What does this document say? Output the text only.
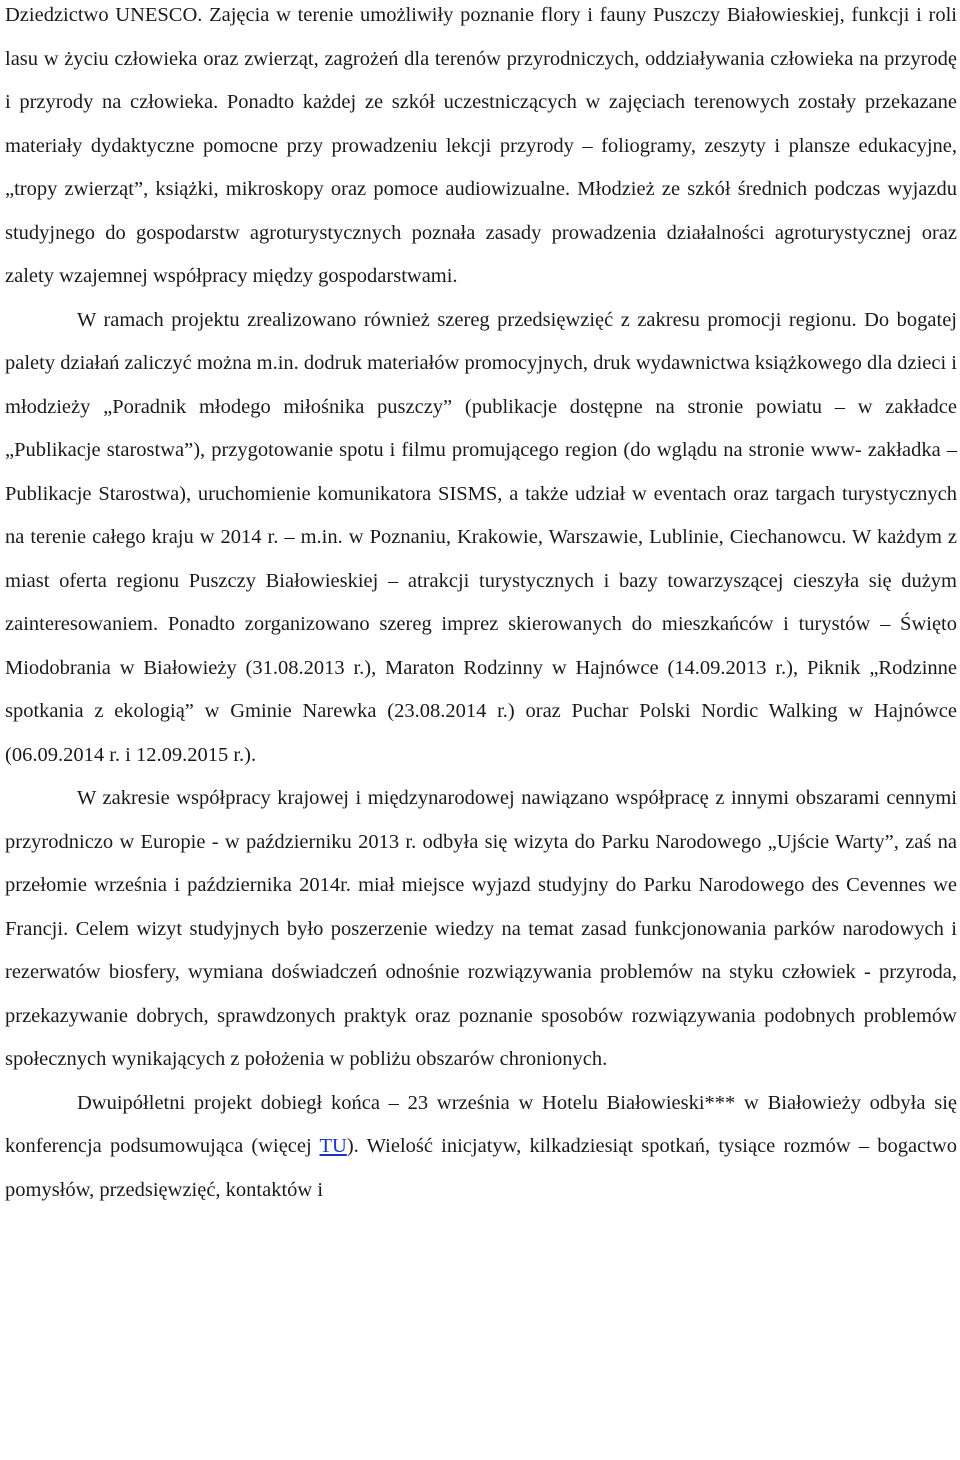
Dziedzictwo UNESCO. Zajęcia w terenie umożliwiły poznanie flory i fauny Puszczy Białowieskiej, funkcji i roli lasu w życiu człowieka oraz zwierząt, zagrożeń dla terenów przyrodniczych, oddziaływania człowieka na przyrodę i przyrody na człowieka. Ponadto każdej ze szkół uczestniczących w zajęciach terenowych zostały przekazane materiały dydaktyczne pomocne przy prowadzeniu lekcji przyrody – foliogramy, zeszyty i plansze edukacyjne, „tropy zwierząt”, książki, mikroskopy oraz pomoce audiowizualne. Młodzież ze szkół średnich podczas wyjazdu studyjnego do gospodarstw agroturystycznych poznała zasady prowadzenia działalności agroturystycznej oraz zalety wzajemnej współpracy między gospodarstwami.

W ramach projektu zrealizowano również szereg przedsięwzięć z zakresu promocji regionu. Do bogatej palety działań zaliczyć można m.in. dodruk materiałów promocyjnych, druk wydawnictwa książkowego dla dzieci i młodzieży „Poradnik młodego miłośnika puszczy” (publikacje dostępne na stronie powiatu – w zakładce „Publikacje starostwa”), przygotowanie spotu i filmu promującego region (do wglądu na stronie www- zakładka – Publikacje Starostwa), uruchomienie komunikatora SISMS, a także udział w eventach oraz targach turystycznych na terenie całego kraju w 2014 r. – m.in. w Poznaniu, Krakowie, Warszawie, Lublinie, Ciechanowcu. W każdym z miast oferta regionu Puszczy Białowieskiej – atrakcji turystycznych i bazy towarzyszącej cieszyła się dużym zainteresowaniem. Ponadto zorganizowano szereg imprez skierowanych do mieszkańców i turystów – Święto Miodobrania w Białowieży (31.08.2013 r.), Maraton Rodzinny w Hajnówce (14.09.2013 r.), Piknik „Rodzinne spotkania z ekologią” w Gminie Narewka (23.08.2014 r.) oraz Puchar Polski Nordic Walking w Hajnówce (06.09.2014 r. i 12.09.2015 r.).

W zakresie współpracy krajowej i międzynarodowej nawiązano współpracę z innymi obszarami cennymi przyrodniczo w Europie - w październiku 2013 r. odbyła się wizyta do Parku Narodowego „Ujście Warty”, zaś na przełomie września i października 2014r. miał miejsce wyjazd studyjny do Parku Narodowego des Cevennes we Francji. Celem wizyt studyjnych było poszerzenie wiedzy na temat zasad funkcjonowania parków narodowych i rezerwatów biosfery, wymiana doświadczeń odnośnie rozwiązywania problemów na styku człowiek - przyroda, przekazywanie dobrych, sprawdzonych praktyk oraz poznanie sposobów rozwiązywania podobnych problemów społecznych wynikających z położenia w pobliżu obszarów chronionych.

Dwuipółletni projekt dobiegł końca – 23 września w Hotelu Białowieski*** w Białowieży odbyła się konferencja podsumowująca (więcej TU). Wielość inicjatyw, kilkadziesiąt spotkań, tysiące rozmów – bogactwo pomysłów, przedsięwzięć, kontaktów i
